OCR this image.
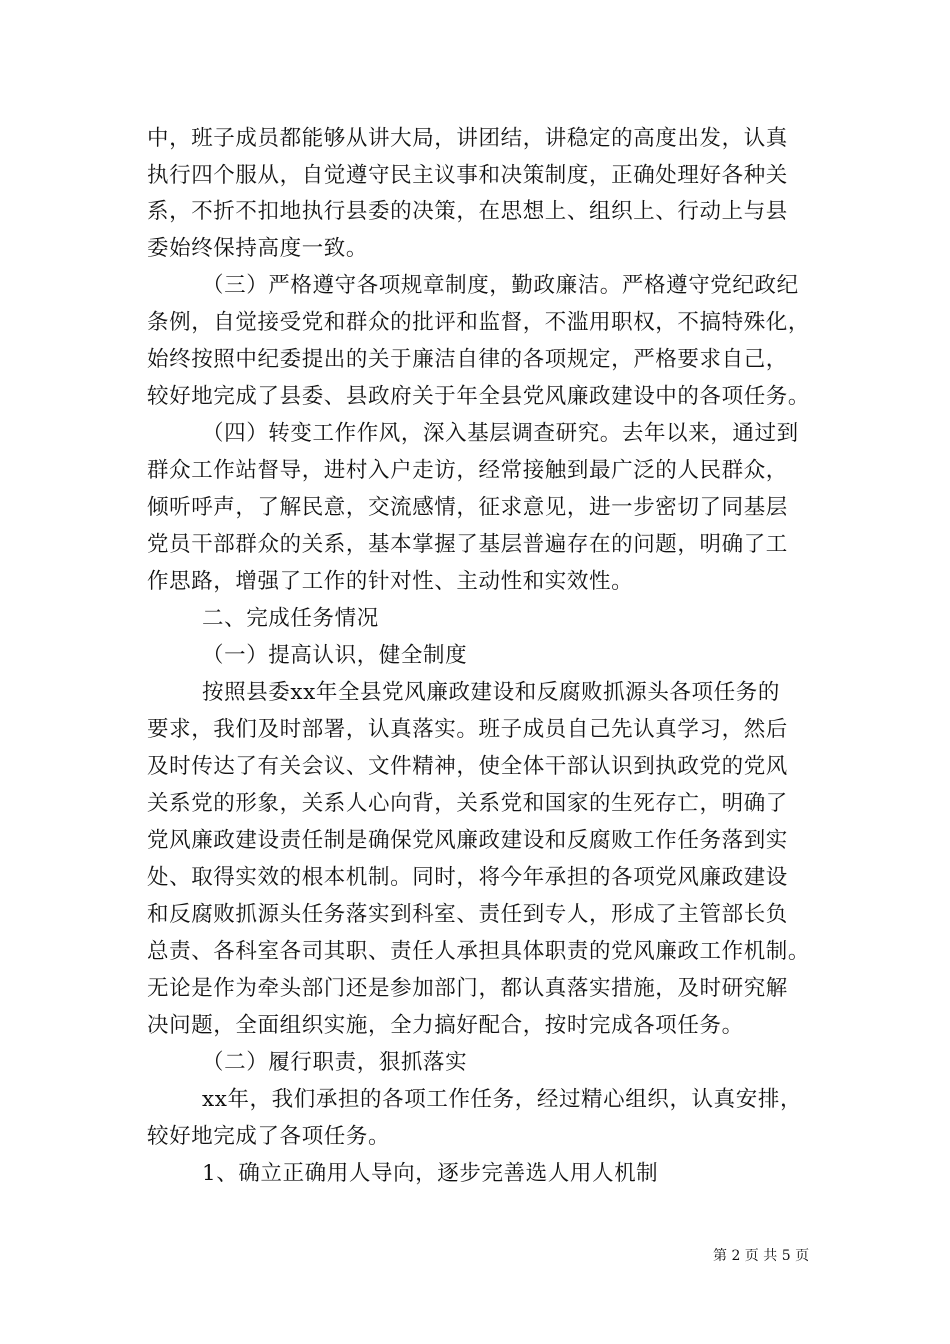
中，班子成员都能够从讲大局，讲团结，讲稳定的高度出发，认真
执行四个服从，自觉遵守民主议事和决策制度，正确处理好各种关
系，不折不扣地执行县委的决策，在思想上、组织上、行动上与县
委始终保持高度一致。
（三）严格遵守各项规章制度，勤政廉洁。严格遵守党纪政纪
条例，自觉接受党和群众的批评和监督，不滥用职权，不搞特殊化，
始终按照中纪委提出的关于廉洁自律的各项规定，严格要求自己，
较好地完成了县委、县政府关于年全县党风廉政建设中的各项任务。
（四）转变工作作风，深入基层调查研究。去年以来，通过到
群众工作站督导，进村入户走访，经常接触到最广泛的人民群众，
倾听呼声，了解民意，交流感情，征求意见，进一步密切了同基层
党员干部群众的关系，基本掌握了基层普遍存在的问题，明确了工
作思路，增强了工作的针对性、主动性和实效性。
二、完成任务情况
（一）提高认识，健全制度
按照县委xx年全县党风廉政建设和反腐败抓源头各项任务的
要求，我们及时部署，认真落实。班子成员自己先认真学习，然后
及时传达了有关会议、文件精神，使全体干部认识到执政党的党风
关系党的形象，关系人心向背，关系党和国家的生死存亡，明确了
党风廉政建设责任制是确保党风廉政建设和反腐败工作任务落到实
处、取得实效的根本机制。同时，将今年承担的各项党风廉政建设
和反腐败抓源头任务落实到科室、责任到专人，形成了主管部长负
总责、各科室各司其职、责任人承担具体职责的党风廉政工作机制。
无论是作为牵头部门还是参加部门，都认真落实措施，及时研究解
决问题，全面组织实施，全力搞好配合，按时完成各项任务。
（二）履行职责，狠抓落实
xx年，我们承担的各项工作任务，经过精心组织，认真安排，
较好地完成了各项任务。
1、确立正确用人导向，逐步完善选人用人机制
第 2 页 共 5 页
